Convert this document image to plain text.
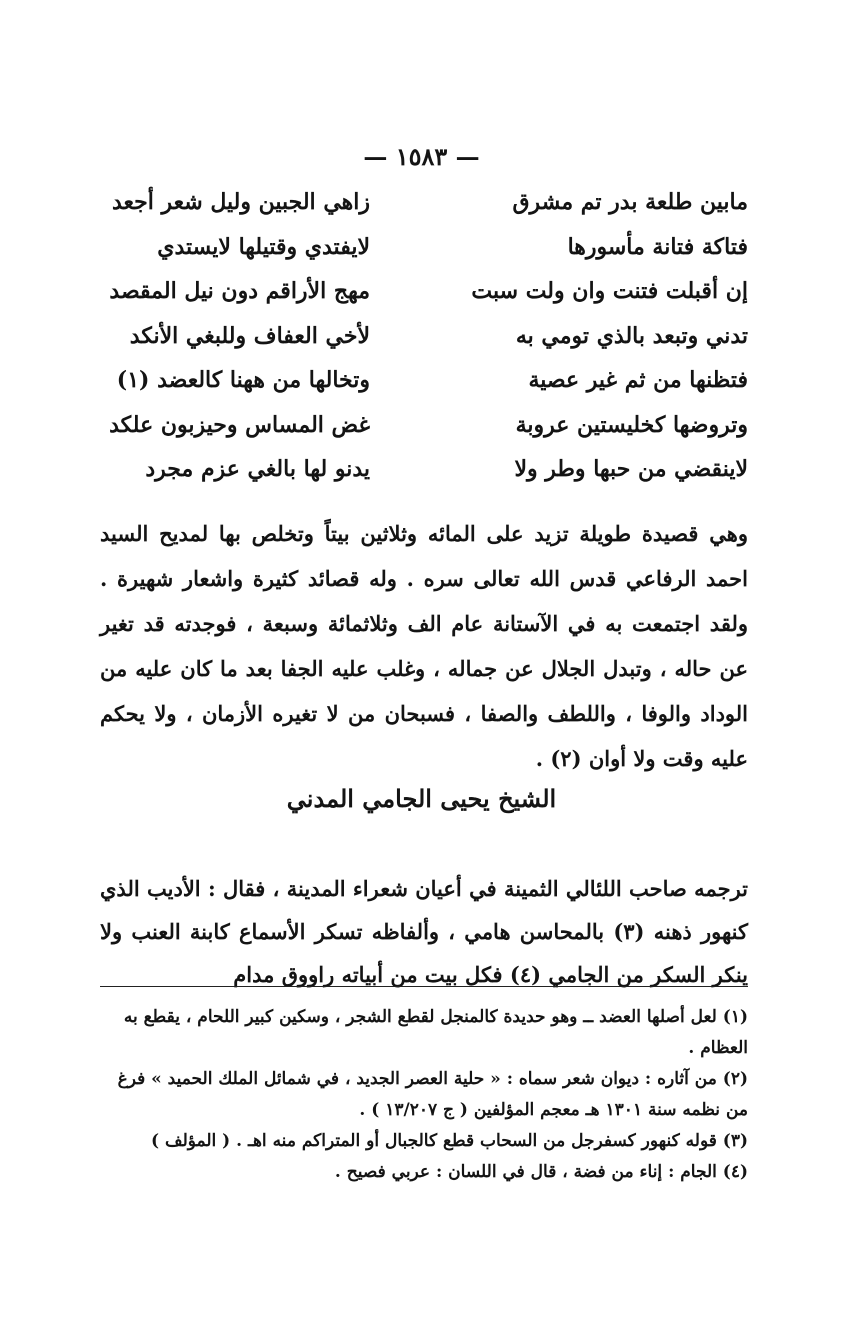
— ١٥٨٣ —
مابين طلعة بدر تم مشرق
زاهي الجبين وليل شعر أجعد
فتاكة فتانة مأسورها
لايفتدي وقتيلها لايستدي
إن أقبلت فتنت وان ولت سبت
مهج الأراقم دون نيل المقصد
تدني وتبعد بالذي تومي به
لأخي العفاف وللبغي الأنكد
فتظنها من ثم غير عصية
وتخالها من ههنا كالعضد (١)
وتروضها كخليستين عروبة
غض المساس وحيزبون علكد
لاينقضي من حبها وطر ولا
يدنو لها بالغي عزم مجرد

وهي قصيدة طويلة تزيد على المائه وثلاثين بيتاً وتخلص بها لمديح السيد احمد الرفاعي قدس الله تعالى سره . وله قصائد كثيرة واشعار شهيرة . ولقد اجتمعت به في الآستانة عام الف وثلاثمائة وسبعة ، فوجدته قد تغير عن حاله ، وتبدل الجلال عن جماله ، وغلب عليه الجفا بعد ما كان عليه من الوداد والوفا ، واللطف والصفا ، فسبحان من لا تغيره الأزمان ، ولا يحكم عليه وقت ولا أوان (٢) .

الشيخ يحيى الجامي المدني

ترجمه صاحب اللئالي الثمينة في أعيان شعراء المدينة ، فقال : الأديب الذي كنهور ذهنه (٣) بالمحاسن هامي ، وألفاظه تسكر الأسماع كابنة العنب ولا ينكر السكر من الجامي (٤) فكل بيت من أبياته راووق مدام

(١) لعل أصلها العضد ــ وهو حديدة كالمنجل لقطع الشجر ، وسكين كبير اللحام ، يقطع به العظام .

(٢) من آثاره : ديوان شعر سماه : « حلية العصر الجديد ، في شمائل الملك الحميد » فرغ من نظمه سنة ١٣٠١ هـ معجم المؤلفين ( ج ١٣/٢٠٧ ) .

(٣) قوله كنهور كسفرجل من السحاب قطع كالجبال أو المتراكم منه اهـ . ( المؤلف )

(٤) الجام : إناء من فضة ، قال في اللسان : عربي فصيح .
